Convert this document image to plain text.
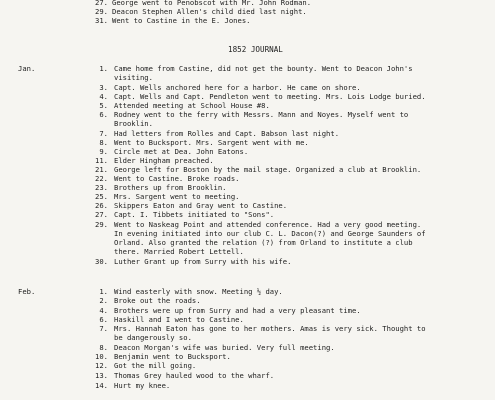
27. George went to Penobscot with Mr. John Rodman.
29. Deacon Stephen Allen's child died last night.
31. Went to Castine in the E. Jones.
1852 JOURNAL
Jan.	1. Came home from Castine, did not get the bounty. Went to Deacon John's
visiting.
3. Capt. Wells anchored here for a harbor. He came on shore.
4. Capt. Wells and Capt. Pendleton went to meeting. Mrs. Lois Lodge buried.
5. Attended meeting at School House #8.
6. Rodney went to the ferry with Messrs. Mann and Noyes. Myself went to
Brooklin.
7. Had letters from Rolles and Capt. Babson last night.
8. Went to Bucksport. Mrs. Sargent went with me.
9. Circle met at Dea. John Eatons.
11. Elder Hingham preached.
21. George left for Boston by the mail stage. Organized a club at Brooklin.
22. Went to Castine. Broke roads.
23. Brothers up from Brooklin.
25. Mrs. Sargent went to meeting.
26. Skippers Eaton and Gray went to Castine.
27. Capt. I. Tibbets initiated to "Sons".
29. Went to Naskeag Point and attended conference. Had a very good meeting.
In evening initiated into our club C. L. Dacon(?) and George Saunders of
Orland. Also granted the relation (?) from Orland to institute a club
there. Married Robert Lettell.
30. Luther Grant up from Surry with his wife.
Feb.	1. Wind easterly with snow. Meeting ½ day.
2. Broke out the roads.
4. Brothers were up from Surry and had a very pleasant time.
6. Haskill and I went to Castine.
7. Mrs. Hannah Eaton has gone to her mothers. Amas is very sick. Thought to
be dangerously so.
8. Deacon Morgan's wife was buried. Very full meeting.
10. Benjamin went to Bucksport.
12. Got the mill going.
13. Thomas Grey hauled wood to the wharf.
14. Hurt my knee.
